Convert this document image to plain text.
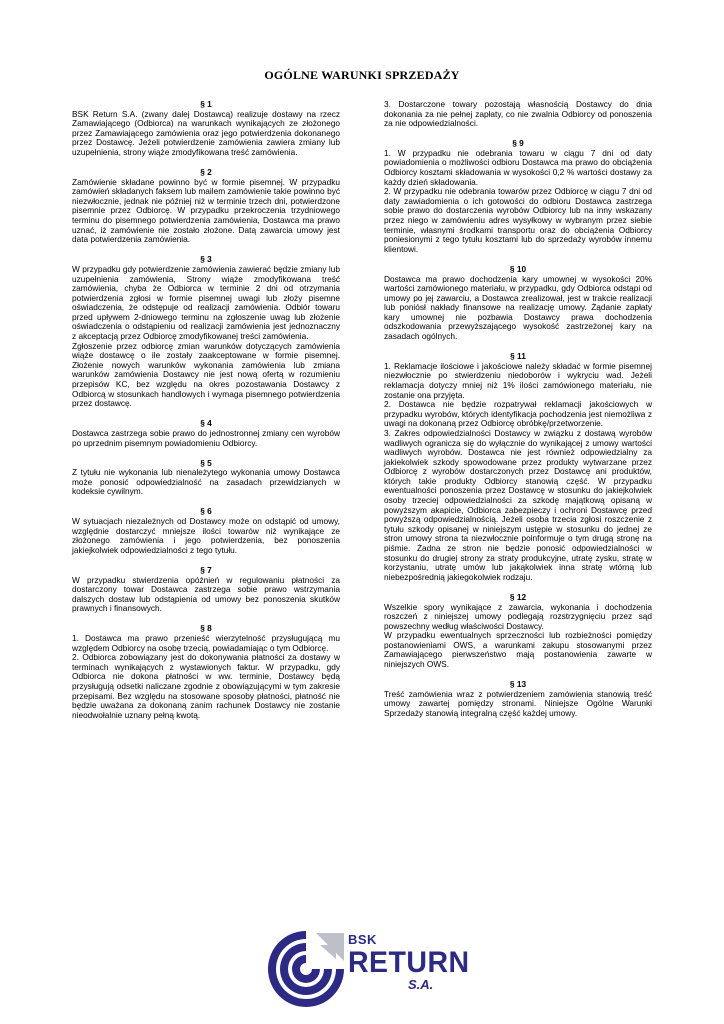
OGÓLNE WARUNKI SPRZEDAŻY
§ 1

BSK Return S.A. (zwany dalej Dostawcą) realizuje dostawy na rzecz Zamawiającego (Odbiorca) na warunkach wynikających ze złożonego przez Zamawiającego zamówienia oraz jego potwierdzenia dokonanego przez Dostawcę. Jeżeli potwierdzenie zamówienia zawiera zmiany lub uzupełnienia, strony wiąże zmodyfikowana treść zamówienia.

§ 2

Zamówienie składane powinno być w formie pisemnej. W przypadku zamówień składanych faksem lub mailem zamówienie takie powinno być niezwłocznie, jednak nie później niż w terminie trzech dni, potwierdzone pisemnie przez Odbiorcę. W przypadku przekroczenia trzydniowego terminu do pisemnego potwierdzenia zamówienia, Dostawca ma prawo uznać, iż zamówienie nie zostało złożone. Datą zawarcia umowy jest data potwierdzenia zamówienia.

§ 3

W przypadku gdy potwierdzenie zamówienia zawierać będzie zmiany lub uzupełnienia zamówienia, Strony wiąże zmodyfikowana treść zamówienia, chyba że Odbiorca w terminie 2 dni od otrzymania potwierdzenia zgłosi w formie pisemnej uwagi lub złoży pisemne oświadczenia, że odstępuje od realizacji zamówienia. Odbiór towaru przed upływem 2-dniowego terminu na zgłoszenie uwag lub złożenie oświadczenia o odstąpieniu od realizacji zamówienia jest jednoznaczny z akceptacją przez Odbiorcę zmodyfikowanej treści zamówienia.

Zgłoszenie przez odbiorcę zmian warunków dotyczących zamówienia wiąże dostawcę o ile zostały zaakceptowane w formie pisemnej. Złożenie nowych warunków wykonania zamówienia lub zmiana warunków zamówienia Dostawcy nie jest nową ofertą w rozumieniu przepisów KC, bez względu na okres pozostawania Dostawcy z Odbiorcą w stosunkach handlowych i wymaga pisemnego potwierdzenia przez dostawcę.

§ 4

Dostawca zastrzega sobie prawo do jednostronnej zmiany cen wyrobów po uprzednim pisemnym powiadomieniu Odbiorcy.

§ 5

Z tytułu nie wykonania lub nienależytego wykonania umowy Dostawca może ponosić odpowiedzialność na zasadach przewidzianych w kodeksie cywilnym.

§ 6

W sytuacjach niezależnych od Dostawcy może on odstąpić od umowy, względnie dostarczyć mniejsze ilości towarów niż wynikające ze złożonego zamówienia i jego potwierdzenia, bez ponoszenia jakiejkolwiek odpowiedzialności z tego tytułu.

§ 7

W przypadku stwierdzenia opóźnień w regulowaniu płatności za dostarczony towar Dostawca zastrzega sobie prawo wstrzymania dalszych dostaw lub odstąpienia od umowy bez ponoszenia skutków prawnych i finansowych.

§ 8

1. Dostawca ma prawo przenieść wierzytelność przysługującą mu względem Odbiorcy na osobę trzecią, powiadamiając o tym Odbiorcę.

2. Odbiorca zobowiązany jest do dokonywania płatności za dostawy w terminach wynikających z wystawionych faktur. W przypadku, gdy Odbiorca nie dokona płatności w ww. terminie, Dostawcy będą przysługują odsetki naliczane zgodnie z obowiązującymi w tym zakresie przepisami. Bez względu na stosowane sposoby płatności, płatność nie będzie uważana za dokonaną zanim rachunek Dostawcy nie zostanie nieodwołalnie uznany pełną kwotą.

3. Dostarczone towary pozostają własnością Dostawcy do dnia dokonania za nie pełnej zapłaty, co nie zwalnia Odbiorcy od ponoszenia za nie odpowiedzialności.

§ 9

1. W przypadku nie odebrania towaru w ciągu 7 dni od daty powiadomienia o możliwości odbioru Dostawca ma prawo do obciążenia Odbiorcy kosztami składowania w wysokości 0,2 % wartości dostawy za każdy dzień składowania.

2. W przypadku nie odebrania towarów przez Odbiorcę w ciągu 7 dni od daty zawiadomienia o ich gotowości do odbioru Dostawca zastrzega sobie prawo do dostarczenia wyrobów Odbiorcy lub na inny wskazany przez niego w zamówieniu adres wysyłkowy w wybranym przez siebie terminie, własnymi środkami transportu oraz do obciążenia Odbiorcy poniesionymi z tego tytułu kosztami lub do sprzedaży wyrobów innemu klientowi.

§ 10

Dostawca ma prawo dochodzenia kary umownej w wysokości 20% wartości zamówionego materiału, w przypadku, gdy Odbiorca odstąpi od umowy po jej zawarciu, a Dostawca zrealizował, jest w trakcie realizacji lub poniósł nakłady finansowe na realizację umowy. Żądanie zapłaty kary umownej nie pozbawia Dostawcy prawa dochodzenia odszkodowania przewyższającego wysokość zastrzeżonej kary na zasadach ogólnych.

§ 11

1. Reklamacje ilościowe i jakościowe należy składać w formie pisemnej niezwłocznie po stwierdzeniu niedoborów i wykryciu wad. Jeżeli reklamacja dotyczy mniej niż 1% ilości zamówionego materiału, nie zostanie ona przyjęta.

2. Dostawca nie będzie rozpatrywał reklamacji jakościowych w przypadku wyrobów, których identyfikacja pochodzenia jest niemożliwa z uwagi na dokonaną przez Odbiorcę obróbkę/przetworzenie.

3. Zakres odpowiedzialności Dostawcy w związku z dostawą wyrobów wadliwych ogranicza się do wyłącznie do wynikającej z umowy wartości wadliwych wyrobów. Dostawca nie jest również odpowiedzialny za jakiekolwiek szkody spowodowane przez produkty wytwarzane przez Odbiorcę z wyrobów dostarczonych przez Dostawcę ani produktów, których takie produkty Odbiorcy stanowią część. W przypadku ewentualności ponoszenia przez Dostawcę w stosunku do jakiejkolwiek osoby trzeciej odpowiedzialności za szkodę majątkową opisaną w powyższym akapicie, Odbiorca zabezpieczy i ochroni Dostawcę przed powyższą odpowiedzialnością. Jeżeli osoba trzecia zgłosi roszczenie z tytułu szkody opisanej w niniejszym ustępie w stosunku do jednej ze stron umowy strona ta niezwłocznie poinformuje o tym drugą stronę na piśmie. Żadna ze stron nie będzie ponosić odpowiedzialności w stosunku do drugiej strony za straty produkcyjne, utratę zysku, stratę w korzystaniu, utratę umów lub jakąkolwiek inna stratę wtórną lub niebezpośrednią jakiegokolwiek rodzaju.

§ 12

Wszelkie spory wynikające z zawarcia, wykonania i dochodzenia roszczeń z niniejszej umowy podlegają rozstrzygnięciu przez sąd powszechny według właściwości Dostawcy.

W przypadku ewentualnych sprzeczności lub rozbieżności pomiędzy postanowieniami OWS, a warunkami zakupu stosowanymi przez Zamawiającego pierwszeństwo mają postanowienia zawarte w niniejszych OWS.

§ 13

Treść zamówienia wraz z potwierdzeniem zamówienia stanowią treść umowy zawartej pomiędzy stronami. Niniejsze Ogólne Warunki Sprzedaży stanowią integralną część każdej umowy.

BSK
RETURN
S.A.
